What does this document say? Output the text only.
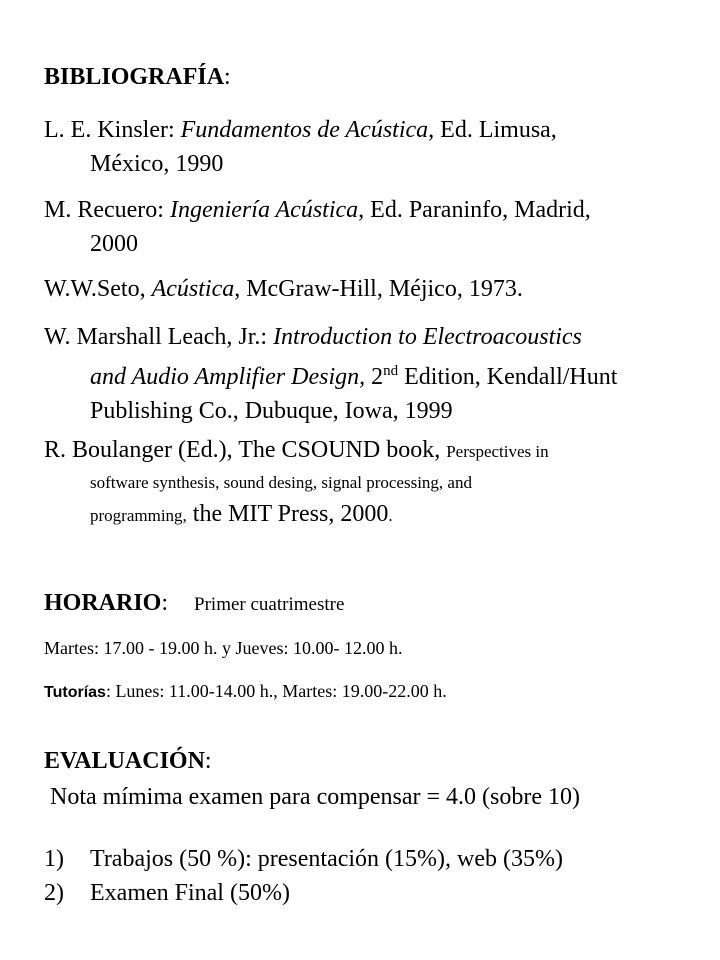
BIBLIOGRAFÍA:
L. E. Kinsler: Fundamentos de Acústica, Ed. Limusa,
México, 1990
M. Recuero: Ingeniería Acústica, Ed. Paraninfo, Madrid,
2000
W.W.Seto, Acústica, McGraw-Hill, Méjico, 1973.
W. Marshall Leach, Jr.: Introduction to Electroacoustics
and Audio Amplifier Design, 2nd Edition, Kendall/Hunt
Publishing Co., Dubuque, Iowa, 1999
R. Boulanger (Ed.), The CSOUND book, Perspectives in
software synthesis, sound desing, signal processing, and
programming, the MIT Press, 2000.
HORARIO: Primer cuatrimestre
Martes: 17.00 - 19.00 h. y Jueves: 10.00- 12.00 h.
Tutorías: Lunes: 11.00-14.00 h., Martes: 19.00-22.00 h.
EVALUACIÓN:
Nota mímima examen para compensar = 4.0 (sobre 10)
1) Trabajos (50 %): presentación (15%), web (35%)
2) Examen Final (50%)
